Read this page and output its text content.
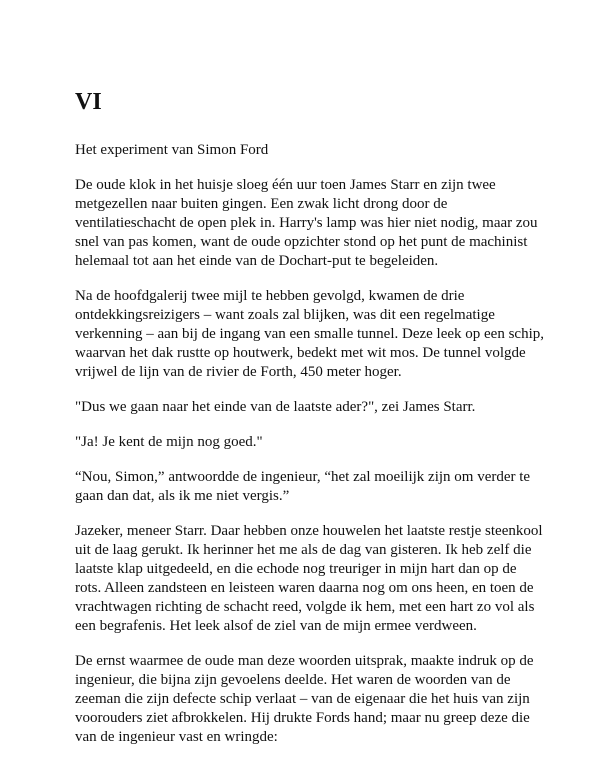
VI
Het experiment van Simon Ford

De oude klok in het huisje sloeg één uur toen James Starr en zijn twee metgezellen naar buiten gingen. Een zwak licht drong door de ventilatieschacht de open plek in. Harry's lamp was hier niet nodig, maar zou snel van pas komen, want de oude opzichter stond op het punt de machinist helemaal tot aan het einde van de Dochart-put te begeleiden.

Na de hoofdgalerij twee mijl te hebben gevolgd, kwamen de drie ontdekkingsreizigers – want zoals zal blijken, was dit een regelmatige verkenning – aan bij de ingang van een smalle tunnel. Deze leek op een schip, waarvan het dak rustte op houtwerk, bedekt met wit mos. De tunnel volgde vrijwel de lijn van de rivier de Forth, 450 meter hoger.

"Dus we gaan naar het einde van de laatste ader?", zei James Starr.

"Ja! Je kent de mijn nog goed."

“Nou, Simon,” antwoordde de ingenieur, “het zal moeilijk zijn om verder te gaan dan dat, als ik me niet vergis.”

Jazeker, meneer Starr. Daar hebben onze houwelen het laatste restje steenkool uit de laag gerukt. Ik herinner het me als de dag van gisteren. Ik heb zelf die laatste klap uitgedeeld, en die echode nog treuriger in mijn hart dan op de rots. Alleen zandsteen en leisteen waren daarna nog om ons heen, en toen de vrachtwagen richting de schacht reed, volgde ik hem, met een hart zo vol als een begrafenis. Het leek alsof de ziel van de mijn ermee verdween.

De ernst waarmee de oude man deze woorden uitsprak, maakte indruk op de ingenieur, die bijna zijn gevoelens deelde. Het waren de woorden van de zeeman die zijn defecte schip verlaat – van de eigenaar die het huis van zijn voorouders ziet afbrokkelen. Hij drukte Fords hand; maar nu greep deze die van de ingenieur vast en wringde:
